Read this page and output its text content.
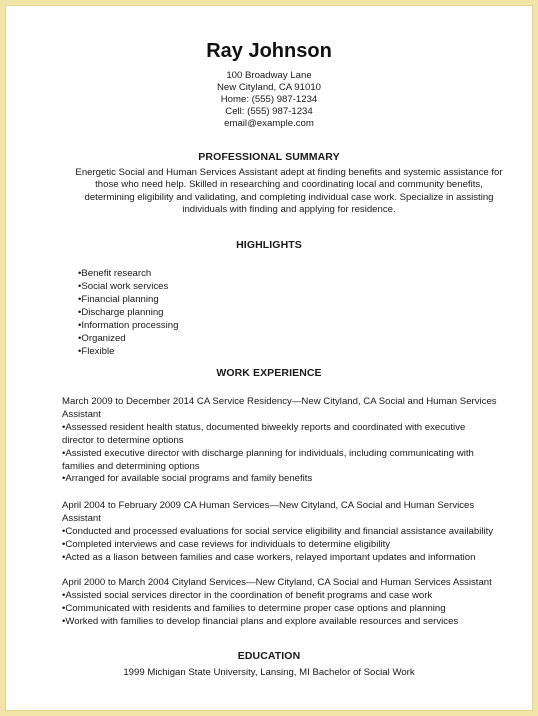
Ray Johnson
100 Broadway Lane
New Cityland, CA 91010
Home: (555) 987-1234
Cell: (555) 987-1234
email@example.com
PROFESSIONAL SUMMARY
Energetic Social and Human Services Assistant adept at finding benefits and systemic assistance for
those who need help. Skilled in researching and coordinating local and community benefits,
determining eligibility and validating, and completing individual case work. Specialize in assisting
individuals with finding and applying for residence.
HIGHLIGHTS
•Benefit research
•Social work services
•Financial planning
•Discharge planning
•Information processing
•Organized
•Flexible
WORK EXPERIENCE
March 2009 to December 2014 CA Service Residency—New Cityland, CA Social and Human Services
Assistant
•Assessed resident health status, documented biweekly reports and coordinated with executive
director to determine options
•Assisted executive director with discharge planning for individuals, including communicating with
families and determining options
•Arranged for available social programs and family benefits
April 2004 to February 2009 CA Human Services—New Cityland, CA Social and Human Services
Assistant
•Conducted and processed evaluations for social service eligibility and financial assistance availability
•Completed interviews and case reviews for individuals to determine eligibility
•Acted as a liason between families and case workers, relayed important updates and information
April 2000 to March 2004 Cityland Services—New Cityland, CA Social and Human Services Assistant
•Assisted social services director in the coordination of benefit programs and case work
•Communicated with residents and families to determine proper case options and planning
•Worked with families to develop financial plans and explore available resources and services
EDUCATION
1999 Michigan State University, Lansing, MI Bachelor of Social Work
